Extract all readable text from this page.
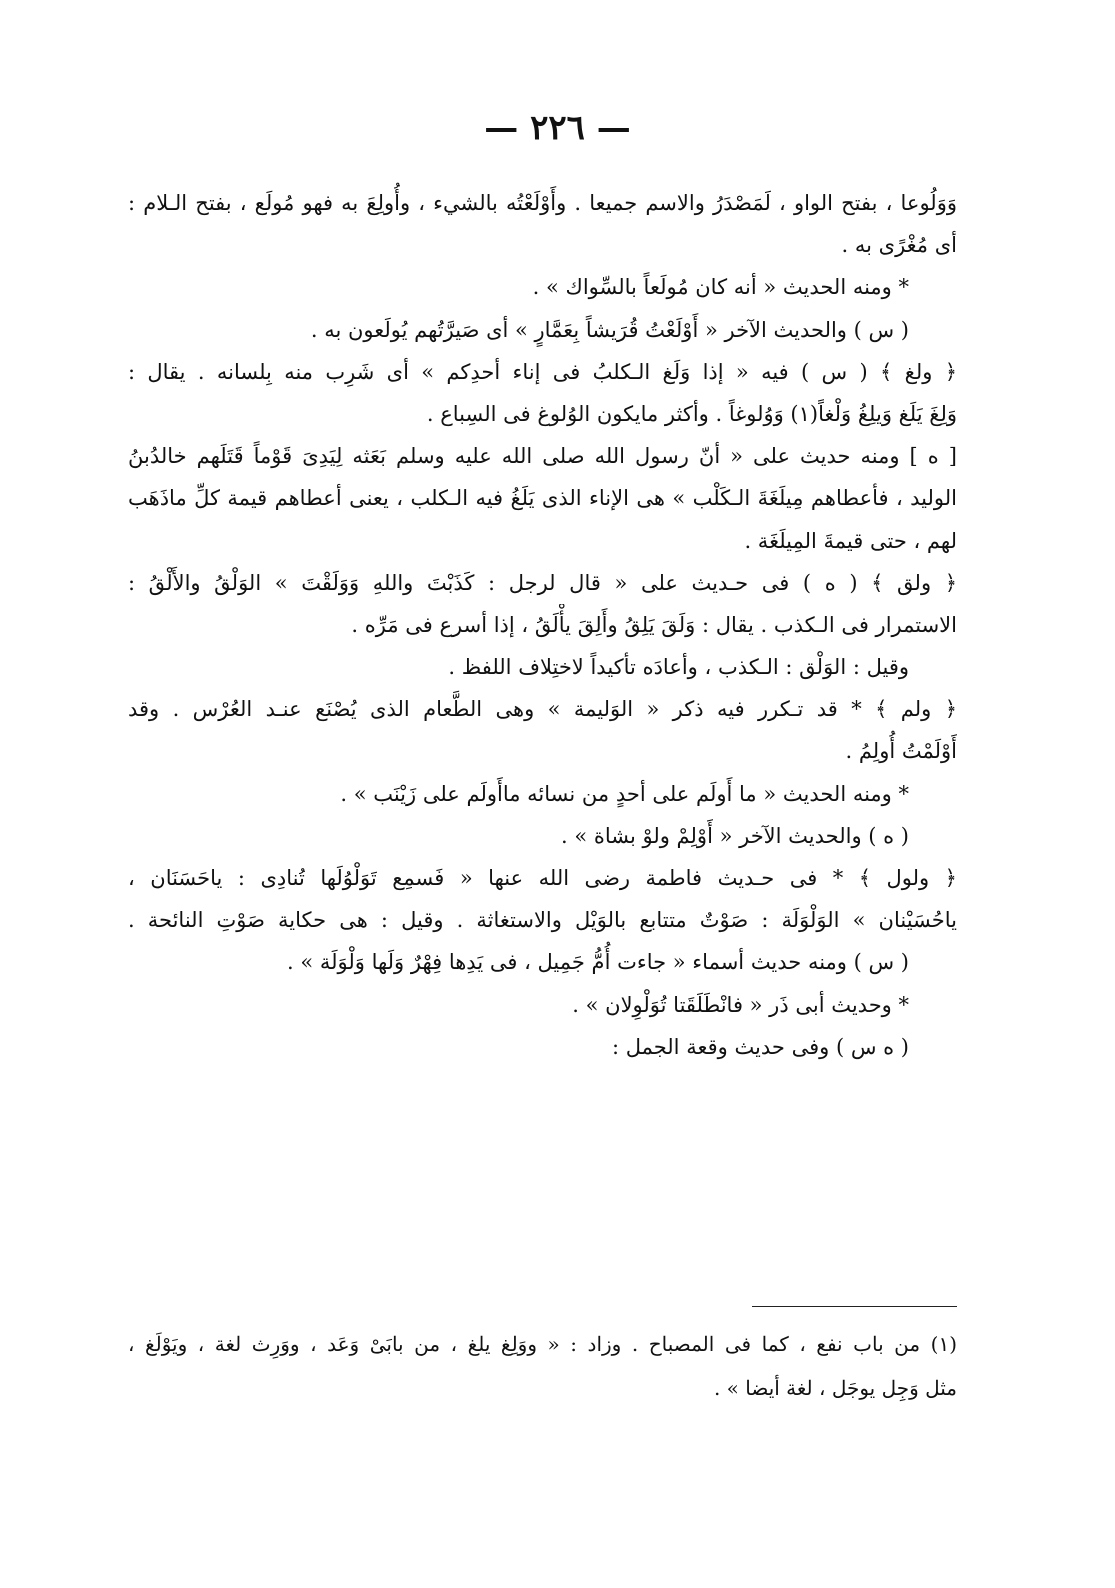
— ٢٢٦ —
وَوَلُوعا ، بفتح الواو ، لَمَصْدَرُ والاسم جميعا . وأَوْلَعْتُه بالشيء ، وأُولِعَ به فهو مُولَع ، بفتح الـلام :
أى مُغْرًى به .
* ومنه الحديث « أنه كان مُولَعاً بالسِّواك » .
( س ) والحديث الآخر « أَوْلَعْتُ قُرَيشاً بِعَمَّارٍ » أى صَيرَّتُهم يُولَعون به .
﴿ ولغ ﴾ ( س ) فيه « إذا وَلَغ الـكلبُ فى إناء أحدِكم » أى شَرِب منه بِلسانه . يقال :
وَلِغَ يَلَغ وَيلِغُ وَلْغاً(١) وَوُلوغاً . وأكثر مايكون الوُلوغ فى السِباع .
[ ه ] ومنه حديث على « أنّ رسول الله صلى الله عليه وسلم بَعَثه لِيَدِىَ قَوْماً قَتَلَهم خالدُبنُ
الوليد ، فأعطاهم مِيلَغَةَ الـكَلْب » هى الإناء الذى يَلَغُ فيه الـكلب ، يعنى أعطاهم قيمة كلِّ ماذَهَب
لهم ، حتى قيمةَ المِيلَغَة .
﴿ ولق ﴾ ( ه ) فى حـديث على « قال لرجل : كَذَبْتَ واللهِ وَوَلَقْتَ » الوَلْقُ والأَلْقُ :
الاستمرار فى الـكذب . يقال : وَلَقَ يَلِقُ وأَلِقَ يأْلَقُ ، إذا أسرع فى مَرِّه .
وقيل : الوَلْق : الـكذب ، وأعادَه تأكيداً لاختِلاف اللفظ .
﴿ ولم ﴾ * قد تـكرر فيه ذكر « الوَليمة » وهى الطَّعام الذى يُصْنَع عنـد العُرْس . وقد
أَوْلَمْتُ أُولِمُ .
* ومنه الحديث « ما أَولَم على أحدٍ من نسائه ماأَولَم على زَيْنَب » .
( ه ) والحديث الآخر « أَوْلِمْ ولوْ بشاة » .
﴿ ولول ﴾ * فى حـديث فاطمة رضى الله عنها « فَسمِع تَوَلْوُلَها تُنادِى : ياحَسَنَان ،
ياحُسَيْنان » الوَلْوَلَة : صَوْتٌ متتابع بالوَيْل والاستغاثة . وقيل : هى حكاية صَوْتِ النائحة .
( س ) ومنه حديث أسماء « جاءت أُمُّ جَمِيل ، فى يَدِها فِهْرٌ وَلَها وَلْوَلَة » .
* وحديث أبى ذَر « فانْطَلَقَتا تُوَلْوِلان » .
( ه س ) وفى حديث وقعة الجمل :
(١) من باب نفع ، كما فى المصباح . وزاد : « ووَلِغ يلغ ، من بابَىْ وَعَد ، ووَرِث لغة ، ويَوْلَغ ،
مثل وَجِل يوجَل ، لغة أيضا » .
